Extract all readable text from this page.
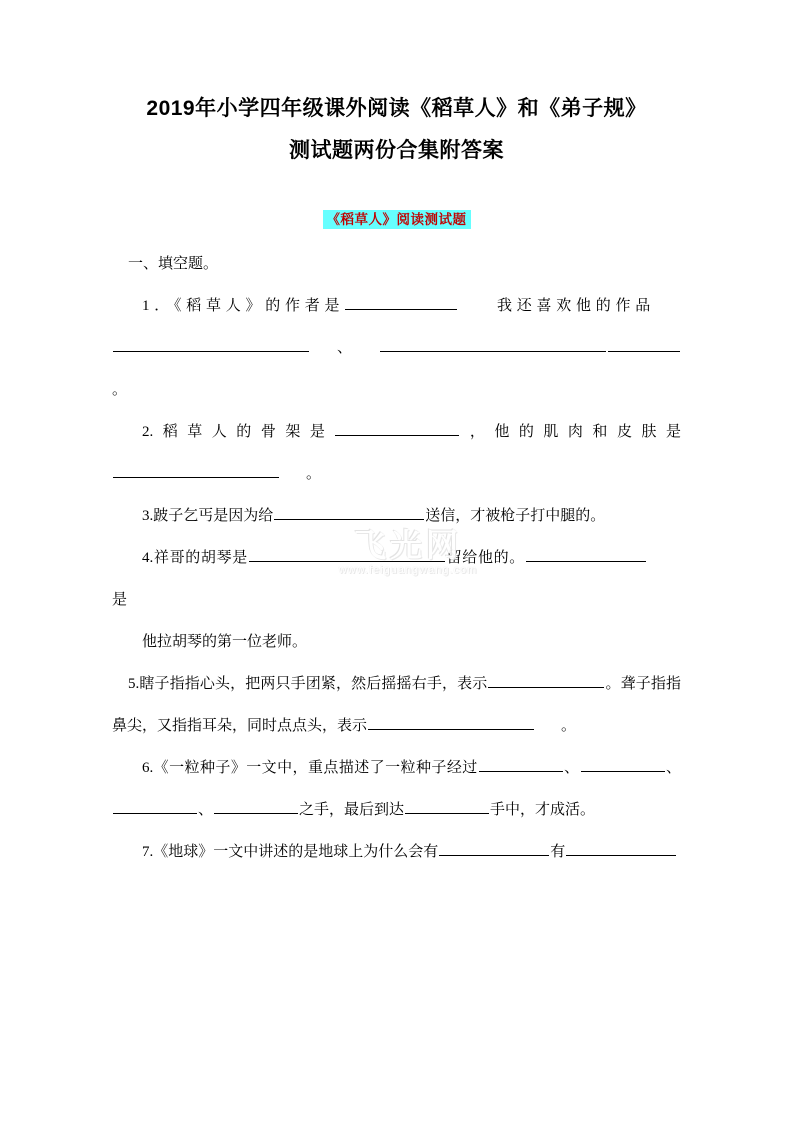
2019年小学四年级课外阅读《稻草人》和《弟子规》
测试题两份合集附答案
《稻草人》阅读测试题
一、填空题。
1．《稻草人》的作者是	我还喜欢他的作品、。
2.稻草人的骨架是	，他的肌肉和皮肤是。
3.跛子乞丐是因为给	送信，才被枪子打中腿的。
4.祥哥的胡琴是	留给他的。是
他拉胡琴的第一位老师。
5.瞎子指指心头，把两只手团紧，然后摇摇右手，表示	。聋子指指鼻尖，又指指耳朵，同时点点头，表示	。
6.《一粒种子》一文中，重点描述了一粒种子经过	、	、、	之手，最后到达	手中，才成活。
7.《地球》一文中讲述的是地球上为什么会有	有
飞光网
www.feiguangwang.com
